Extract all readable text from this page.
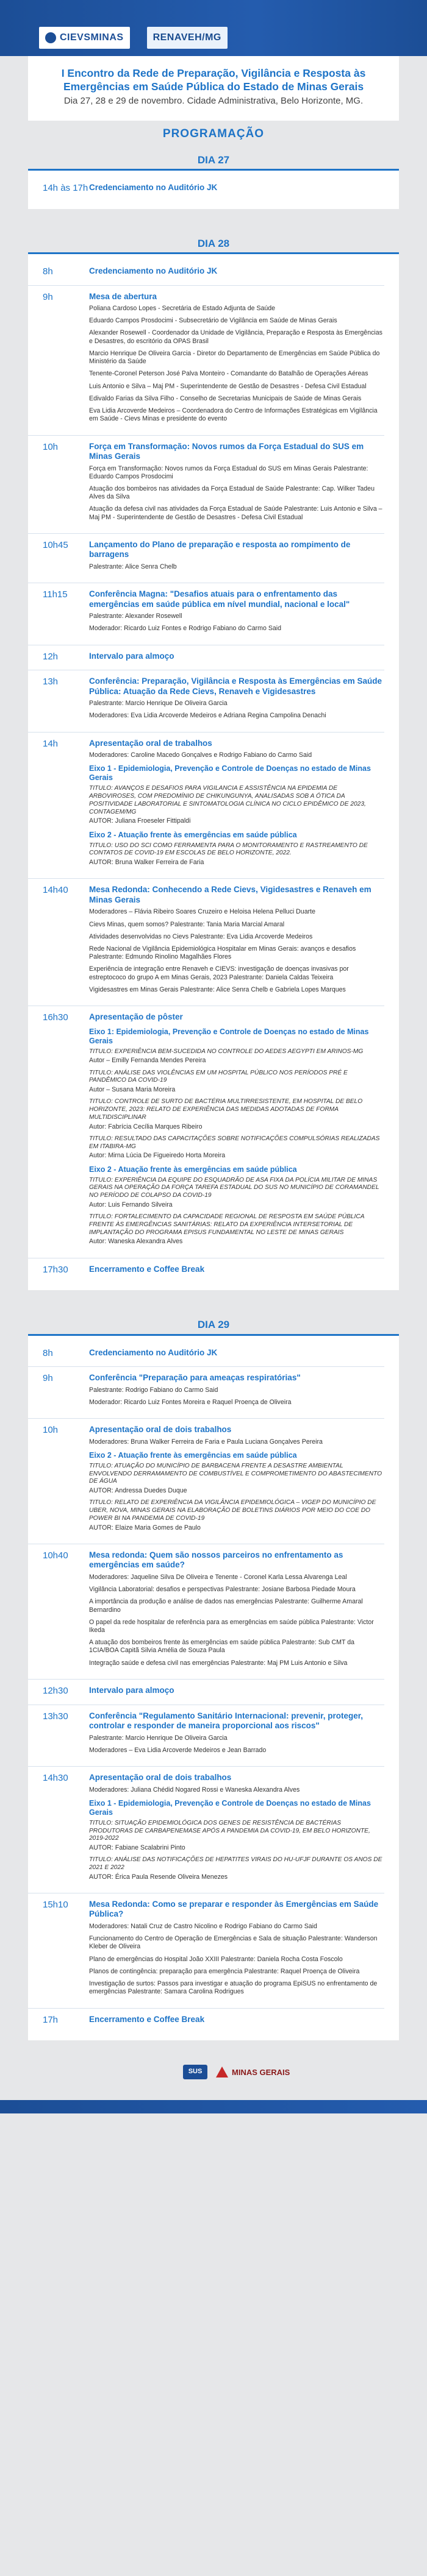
CIEVSMINAS	RENAVEH/MG
I Encontro da Rede de Preparação, Vigilância e Resposta às Emergências em Saúde Pública do Estado de Minas Gerais
Dia 27, 28 e 29 de novembro. Cidade Administrativa, Belo Horizonte, MG.
PROGRAMAÇÃO
DIA 27
14h às 17h Credenciamento no Auditório JK
DIA 28
8h	Credenciamento no Auditório JK
9h	Mesa de abertura
Poliana Cardoso Lopes - Secretária de Estado Adjunta de Saúde
Eduardo Campos Prosdocimi - Subsecretário de Vigilância em Saúde de Minas Gerais
Alexander Rosewell - Coordenador da Unidade de Vigilância, Preparação e Resposta às Emergências e Desastres, do escritório da OPAS Brasil
Marcio Henrique De Oliveira Garcia - Diretor do Departamento de Emergências em Saúde Pública do Ministério da Saúde
Tenente-Coronel Peterson José Palva Monteiro - Comandante do Batalhão de Operações Aéreas
Luis Antonio e Silva – Maj PM - Superintendente de Gestão de Desastres - Defesa Civil Estadual
Edivaldo Farias da Silva Filho - Conselho de Secretarias Municipais de Saúde de Minas Gerais
Eva Lidia Arcoverde Medeiros – Coordenadora do Centro de Informações Estratégicas em Vigilância em Saúde - Cievs Minas e presidente do evento
10h	Força em Transformação: Novos rumos da Força Estadual do SUS em Minas Gerais
Força em Transformação: Novos rumos da Força Estadual do SUS em Minas Gerais Palestrante: Eduardo Campos Prosdocimi
Atuação dos bombeiros nas atividades da Força Estadual de Saúde Palestrante: Cap. Wilker Tadeu Alves da Silva
Atuação da defesa civil nas atividades da Força Estadual de Saúde Palestrante: Luis Antonio e Silva – Maj PM - Superintendente de Gestão de Desastres - Defesa Civil Estadual
10h45	Lançamento do Plano de preparação e resposta ao rompimento de barragens
Palestrante: Alice Senra Chelb
11h15	Conferência Magna: "Desafios atuais para o enfrentamento das emergências em saúde pública em nível mundial, nacional e local"
Palestrante: Alexander Rosewell
Moderador: Ricardo Luiz Fontes e Rodrigo Fabiano do Carmo Said
12h	Intervalo para almoço
13h	Conferência: Preparação, Vigilância e Resposta às Emergências em Saúde Pública: Atuação da Rede Cievs, Renaveh e Vigidesastres
Palestrante: Marcio Henrique De Oliveira Garcia
Moderadores: Eva Lidia Arcoverde Medeiros e Adriana Regina Campolina Denachi
14h	Apresentação oral de trabalhos
Moderadores: Caroline Macedo Gonçalves e Rodrigo Fabiano do Carmo Said
Eixo 1 - Epidemiologia, Prevenção e Controle de Doenças no estado de Minas Gerais
TITULO: AVANÇOS E DESAFIOS PARA VIGILANCIA E ASSISTÊNCIA NA EPIDEMIA DE ARBOVIROSES, COM PREDOMÍNIO DE CHIKUNGUNYA, ANALISADAS SOB A ÓTICA DA POSITIVIDADE LABORATORIAL E SINTOMATOLOGIA CLÍNICA NO CICLO EPIDÊMICO DE 2023, CONTAGEM/MG
AUTOR: Juliana Froeseler Fittipaldi
Eixo 2 - Atuação frente às emergências em saúde pública
TITULO: USO DO SCI COMO FERRAMENTA PARA O MONITORAMENTO E RASTREAMENTO DE CONTATOS DE COVID-19 EM ESCOLAS DE BELO HORIZONTE, 2022.
AUTOR: Bruna Walker Ferreira de Faria
14h40	Mesa Redonda: Conhecendo a Rede Cievs, Vigidesastres e Renaveh em Minas Gerais
Moderadores – Flávia Ribeiro Soares Cruzeiro e Heloisa Helena Pelluci Duarte
Cievs Minas, quem somos? Palestrante: Tania Maria Marcial Amaral
Atividades desenvolvidas no Cievs Palestrante: Eva Lidia Arcoverde Medeiros
Rede Nacional de Vigilância Epidemiológica Hospitalar em Minas Gerais: avanços e desafios Palestrante: Edmundo Rinolino Magalhães Flores
Experiência de integração entre Renaveh e CIEVS: investigação de doenças invasivas por estreptococo do grupo A em Minas Gerais, 2023 Palestrante: Daniela Caldas Teixeira
Vigidesastres em Minas Gerais Palestrante: Alice Senra Chelb e Gabriela Lopes Marques
16h30	Apresentação de pôster
Eixo 1: Epidemiologia, Prevenção e Controle de Doenças no estado de Minas Gerais
TITULO: EXPERIÊNCIA BEM-SUCEDIDA NO CONTROLE DO AEDES AEGYPTI EM ARINOS-MG
Autor – Emilly Fernanda Mendes Pereira
TITULO: ANÁLISE DAS VIOLÊNCIAS EM UM HOSPITAL PÚBLICO NOS PERÍODOS PRÉ E PANDÊMICO DA COVID-19
Autor – Susana Maria Moreira
TITULO: CONTROLE DE SURTO DE BACTÉRIA MULTIRRESISTENTE, EM HOSPITAL DE BELO HORIZONTE, 2023: RELATO DE EXPERIÊNCIA DAS MEDIDAS ADOTADAS DE FORMA MULTIDISCIPLINAR
Autor: Fabrícia Cecília Marques Ribeiro
TITULO: RESULTADO DAS CAPACITAÇÕES SOBRE NOTIFICAÇÕES COMPULSÓRIAS REALIZADAS EM ITABIRA-MG
Autor: Mirna Lúcia De Figueiredo Horta Moreira
Eixo 2 - Atuação frente às emergências em saúde pública
TITULO: EXPERIÊNCIA DA EQUIPE DO ESQUADRÃO DE ASA FIXA DA POLÍCIA MILITAR DE MINAS GERAIS NA OPERAÇÃO DA FORÇA TAREFA ESTADUAL DO SUS NO MUNICÍPIO DE CORAMANDEL NO PERÍODO DE COLAPSO DA COVID-19
Autor: Luis Fernando Silveira
TITULO: FORTALECIMENTO DA CAPACIDADE REGIONAL DE RESPOSTA EM SAÚDE PÚBLICA FRENTE ÀS EMERGÊNCIAS SANITÁRIAS: RELATO DA EXPERIÊNCIA INTERSETORIAL DE IMPLANTAÇÃO DO PROGRAMA EPISUS FUNDAMENTAL NO LESTE DE MINAS GERAIS
Autor: Waneska Alexandra Alves
17h30	Encerramento e Coffee Break
DIA 29
8h	Credenciamento no Auditório JK
9h	Conferência "Preparação para ameaças respiratórias"
Palestrante: Rodrigo Fabiano do Carmo Said
Moderador: Ricardo Luiz Fontes Moreira e Raquel Proença de Oliveira
10h	Apresentação oral de dois trabalhos
Moderadores: Bruna Walker Ferreira de Faria e Paula Luciana Gonçalves Pereira
Eixo 2 - Atuação frente às emergências em saúde pública
TITULO: ATUAÇÃO DO MUNICÍPIO DE BARBACENA FRENTE A DESASTRE AMBIENTAL ENVOLVENDO DERRAMAMENTO DE COMBUSTÍVEL E COMPROMETIMENTO DO ABASTECIMENTO DE ÁGUA
AUTOR: Andressa Duedes Duque
TITULO: RELATO DE EXPERIÊNCIA DA VIGILÂNCIA EPIDEMIOLÓGICA – VIGEP DO MUNICÍPIO DE UBER, NOVA, MINAS GERAIS NA ELABORAÇÃO DE BOLETINS DIÁRIOS POR MEIO DO COE DO POWER BI NA PANDEMIA DE COVID-19
AUTOR: Elaize Maria Gomes de Paulo
10h40	Mesa redonda: Quem são nossos parceiros no enfrentamento as emergências em saúde?
Moderadores: Jaqueline Silva De Oliveira e Tenente - Coronel Karla Lessa Alvarenga Leal
Vigilância Laboratorial: desafios e perspectivas Palestrante: Josiane Barbosa Piedade Moura
A importância da produção e análise de dados nas emergências Palestrante: Guilherme Amaral Bernardino
O papel da rede hospitalar de referência para as emergências em saúde pública Palestrante: Victor Ikeda
A atuação dos bombeiros frente às emergências em saúde pública Palestrante: Sub CMT da 1CIA/BOA Capitã Silvia Amélia de Souza Paula
Integração saúde e defesa civil nas emergências Palestrante: Maj PM Luis Antonio e Silva
12h30	Intervalo para almoço
13h30	Conferência "Regulamento Sanitário Internacional: prevenir, proteger, controlar e responder de maneira proporcional aos riscos"
Palestrante: Marcio Henrique De Oliveira Garcia
Moderadores – Eva Lidia Arcoverde Medeiros e Jean Barrado
14h30	Apresentação oral de dois trabalhos
Moderadores: Juliana Chédid Nogared Rossi e Waneska Alexandra Alves
Eixo 1 - Epidemiologia, Prevenção e Controle de Doenças no estado de Minas Gerais
TITULO: SITUAÇÃO EPIDEMIOLÓGICA DOS GENES DE RESISTÊNCIA DE BACTÉRIAS PRODUTORAS DE CARBAPENEMASE APÓS A PANDEMIA DA COVID-19, EM BELO HORIZONTE, 2019-2022
AUTOR: Fabiane Scalabrini Pinto
TITULO: ANÁLISE DAS NOTIFICAÇÕES DE HEPATITES VIRAIS DO HU-UFJF DURANTE OS ANOS DE 2021 E 2022
AUTOR: Érica Paula Resende Oliveira Menezes
15h10	Mesa Redonda: Como se preparar e responder às Emergências em Saúde Pública?
Moderadores: Natali Cruz de Castro Nicolino e Rodrigo Fabiano do Carmo Said
Funcionamento do Centro de Operação de Emergências e Sala de situação Palestrante: Wanderson Kleber de Oliveira
Plano de emergências do Hospital João XXIII Palestrante: Daniela Rocha Costa Foscolo
Planos de contingência: preparação para emergência Palestrante: Raquel Proença de Oliveira
Investigação de surtos: Passos para investigar e atuação do programa EpiSUS no enfrentamento de emergências Palestrante: Samara Carolina Rodrigues
17h	Encerramento e Coffee Break
SUS	MINAS GERAIS
